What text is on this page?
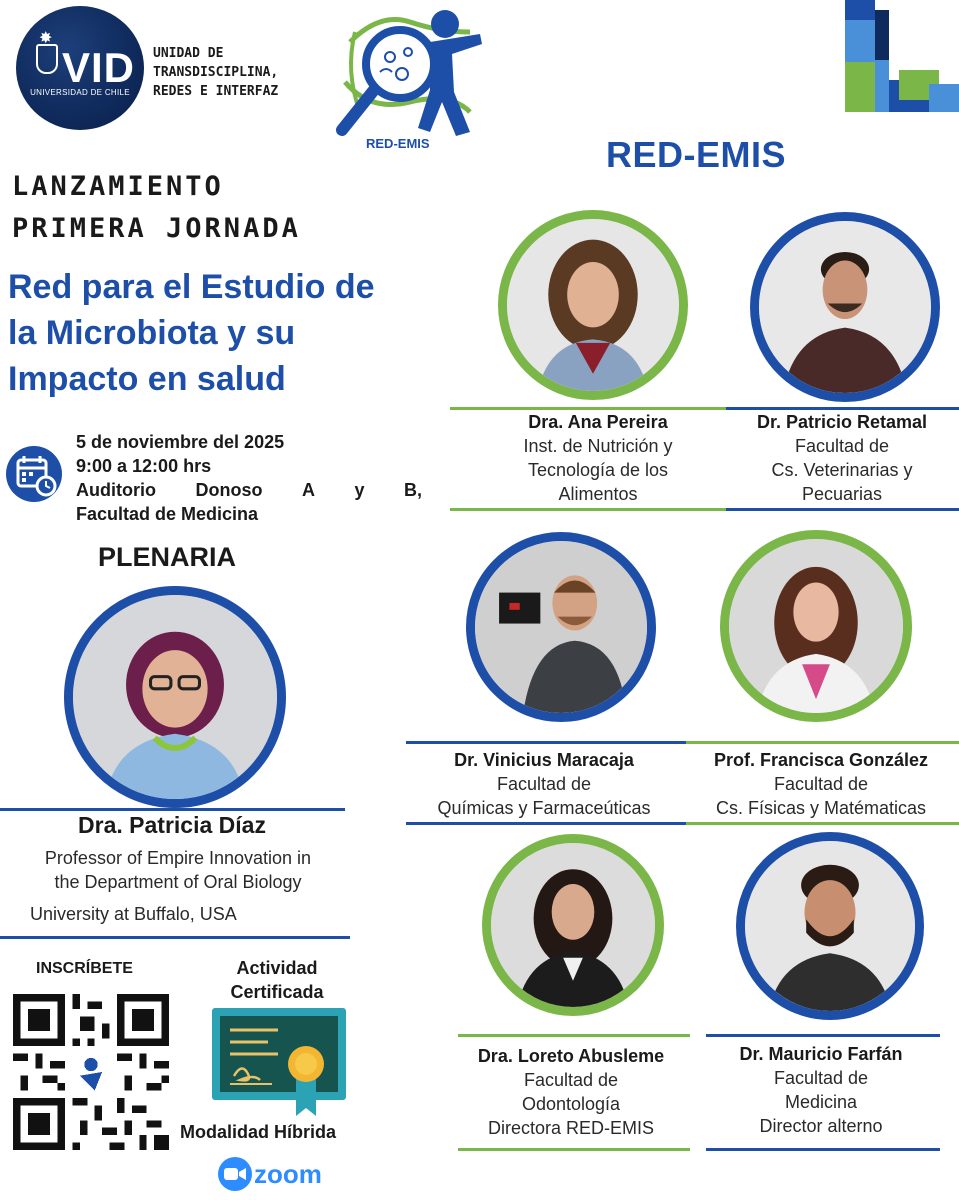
✸
VID
UNIVERSIDAD DE CHILE
UNIDAD DE
TRANSDISCIPLINA,
REDES E INTERFAZ
RED-EMIS	RED-EMIS
LANZAMIENTO
PRIMERA JORNADA
Red para el Estudio de
la Microbiota y su
Impacto en salud
5 de noviembre del 2025
9:00 a 12:00 hrs
Auditorio Donoso A y B,
Facultad de Medicina
PLENARIA
Dra. Patricia Díaz
Professor of Empire Innovation in
the Department of Oral Biology
University at Buffalo, USA
INSCRÍBETE	Actividad
Certificada
Modalidad Híbrida
zoom
Dra. Ana Pereira
Inst. de Nutrición y
Tecnología de los
Alimentos
Dr. Patricio Retamal
Facultad de
Cs. Veterinarias y
Pecuarias
Dr. Vinicius Maracaja
Facultad de
Químicas y Farmaceúticas
Prof. Francisca González
Facultad de
Cs. Físicas y Matématicas
Dra. Loreto Abusleme
Facultad de
Odontología
Directora RED-EMIS
Dr. Mauricio Farfán
Facultad de
Medicina
Director alterno
